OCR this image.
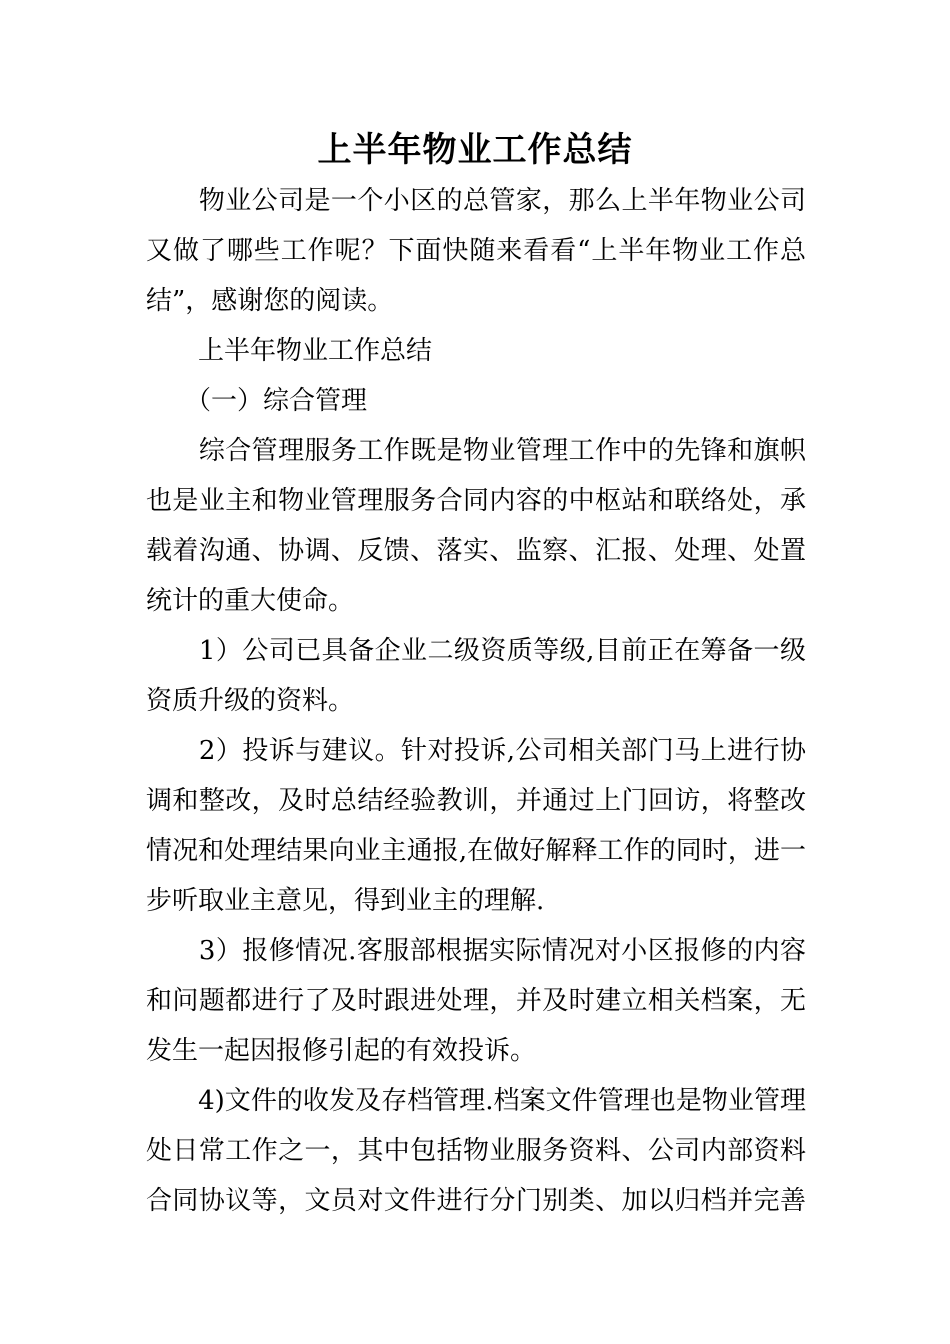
上半年物业工作总结
　　物业公司是一个小区的总管家，那么上半年物业公司
又做了哪些工作呢？下面快随来看看“上半年物业工作总
结”，感谢您的阅读。
　　上半年物业工作总结
　　（一）综合管理
　　综合管理服务工作既是物业管理工作中的先锋和旗帜
也是业主和物业管理服务合同内容的中枢站和联络处，承
载着沟通、协调、反馈、落实、监察、汇报、处理、处置
统计的重大使命。
　　1）公司已具备企业二级资质等级,目前正在筹备一级
资质升级的资料。
　　2）投诉与建议。针对投诉,公司相关部门马上进行协
调和整改，及时总结经验教训，并通过上门回访，将整改
情况和处理结果向业主通报,在做好解释工作的同时，进一
步听取业主意见，得到业主的理解.
　　3）报修情况.客服部根据实际情况对小区报修的内容
和问题都进行了及时跟进处理，并及时建立相关档案，无
发生一起因报修引起的有效投诉。
　　4)文件的收发及存档管理.档案文件管理也是物业管理
处日常工作之一，其中包括物业服务资料、公司内部资料
合同协议等，文员对文件进行分门别类、加以归档并完善
